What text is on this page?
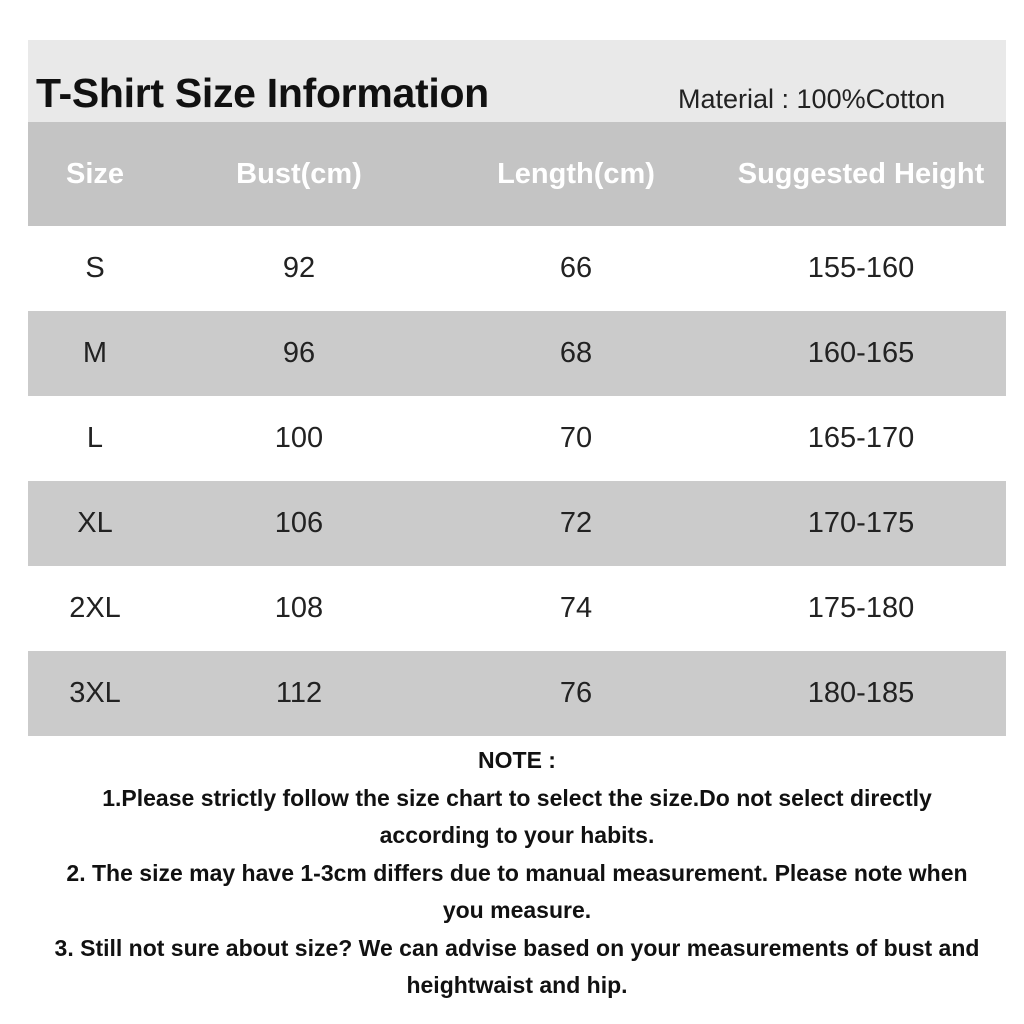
T-Shirt Size Information	Material : 100%Cotton
Size	Bust(cm)	Length(cm)	Suggested Height
S	92	66	155-160
M	96	68	160-165
L	100	70	165-170
XL	106	72	170-175
2XL	108	74	175-180
3XL	112	76	180-185

NOTE :

1.Please strictly follow the size chart to select the size.Do not select directly

according to your habits.

2. The size may have 1-3cm differs due to manual measurement. Please note when

you measure.

3. Still not sure about size? We can advise based on your measurements of bust and

heightwaist and hip.
